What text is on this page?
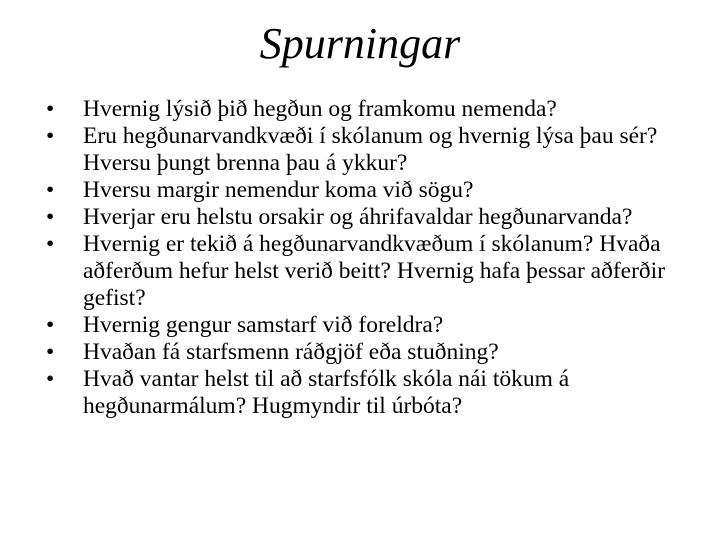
Spurningar
•	Hvernig lýsið þið hegðun og framkomu nemenda?
•	Eru hegðunarvandkvæði í skólanum og hvernig lýsa þau sér? Hversu þungt brenna þau á ykkur?
•	Hversu margir nemendur koma við sögu?
•	Hverjar eru helstu orsakir og áhrifavaldar hegðunarvanda?
•	Hvernig er tekið á hegðunarvandkvæðum í skólanum? Hvaða aðferðum hefur helst verið beitt? Hvernig hafa þessar aðferðir gefist?
•	Hvernig gengur samstarf við foreldra?
•	Hvaðan fá starfsmenn ráðgjöf eða stuðning?
•	Hvað vantar helst til að starfsfólk skóla nái tökum á hegðunarmálum? Hugmyndir til úrbóta?
